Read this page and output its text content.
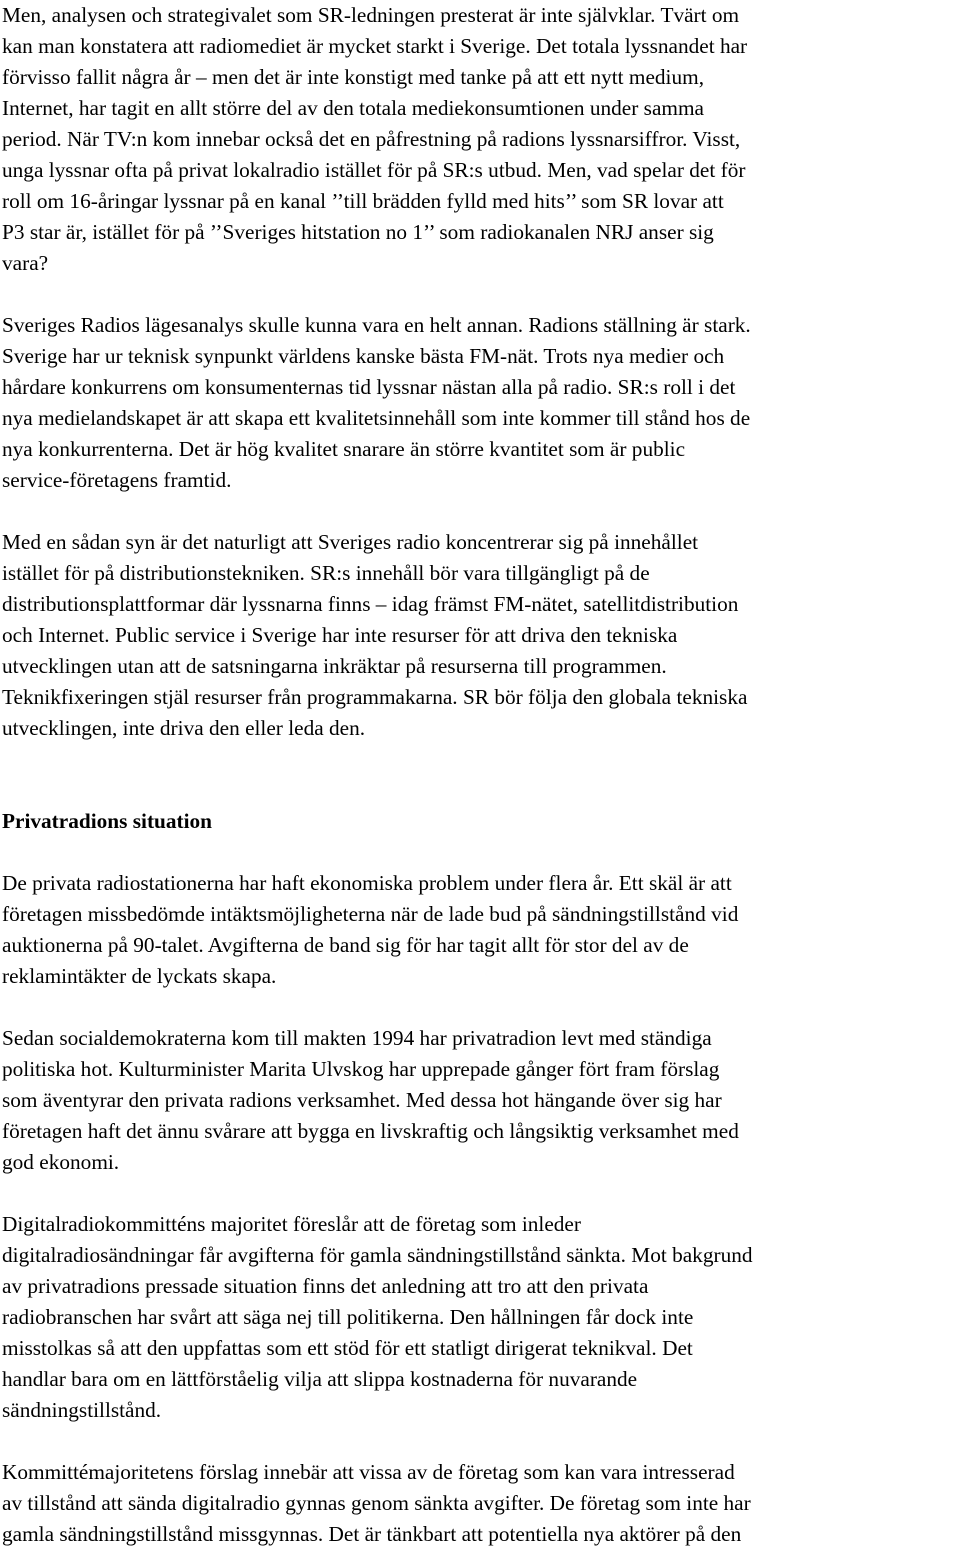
Men, analysen och strategivalet som SR-ledningen presterat är inte självklar. Tvärt om
kan man konstatera att radiomediet är mycket starkt i Sverige. Det totala lyssnandet har
förvisso fallit några år – men det är inte konstigt med tanke på att ett nytt medium,
Internet, har tagit en allt större del av den totala mediekonsumtionen under samma
period. När TV:n kom innebar också det en påfrestning på radions lyssnarsiffror. Visst,
unga lyssnar ofta på privat lokalradio istället för på SR:s utbud. Men, vad spelar det för
roll om 16-åringar lyssnar på en kanal ’’till brädden fylld med hits’’ som SR lovar att
P3 star är, istället för på ’’Sveriges hitstation no 1’’ som radiokanalen NRJ anser sig
vara?

Sveriges Radios lägesanalys skulle kunna vara en helt annan. Radions ställning är stark.
Sverige har ur teknisk synpunkt världens kanske bästa FM-nät. Trots nya medier och
hårdare konkurrens om konsumenternas tid lyssnar nästan alla på radio. SR:s roll i det
nya medielandskapet är att skapa ett kvalitetsinnehåll som inte kommer till stånd hos de
nya konkurrenterna. Det är hög kvalitet snarare än större kvantitet som är public
service-företagens framtid.

Med en sådan syn är det naturligt att Sveriges radio koncentrerar sig på innehållet
istället för på distributionstekniken. SR:s innehåll bör vara tillgängligt på de
distributionsplattformar där lyssnarna finns – idag främst FM-nätet, satellitdistribution
och Internet. Public service i Sverige har inte resurser för att driva den tekniska
utvecklingen utan att de satsningarna inkräktar på resurserna till programmen.
Teknikfixeringen stjäl resurser från programmakarna. SR bör följa den globala tekniska
utvecklingen, inte driva den eller leda den.

Privatradions situation

De privata radiostationerna har haft ekonomiska problem under flera år. Ett skäl är att
företagen missbedömde intäktsmöjligheterna när de lade bud på sändningstillstånd vid
auktionerna på 90-talet. Avgifterna de band sig för har tagit allt för stor del av de
reklamintäkter de lyckats skapa.

Sedan socialdemokraterna kom till makten 1994 har privatradion levt med ständiga
politiska hot. Kulturminister Marita Ulvskog har upprepade gånger fört fram förslag
som äventyrar den privata radions verksamhet. Med dessa hot hängande över sig har
företagen haft det ännu svårare att bygga en livskraftig och långsiktig verksamhet med
god ekonomi.

Digitalradiokommitténs majoritet föreslår att de företag som inleder
digitalradiosändningar får avgifterna för gamla sändningstillstånd sänkta. Mot bakgrund
av privatradions pressade situation finns det anledning att tro att den privata
radiobranschen har svårt att säga nej till politikerna. Den hållningen får dock inte
misstolkas så att den uppfattas som ett stöd för ett statligt dirigerat teknikval. Det
handlar bara om en lättförståelig vilja att slippa kostnaderna för nuvarande
sändningstillstånd.

Kommittémajoritetens förslag innebär att vissa av de företag som kan vara intresserad
av tillstånd att sända digitalradio gynnas genom sänkta avgifter. De företag som inte har
gamla sändningstillstånd missgynnas. Det är tänkbart att potentiella nya aktörer på den
